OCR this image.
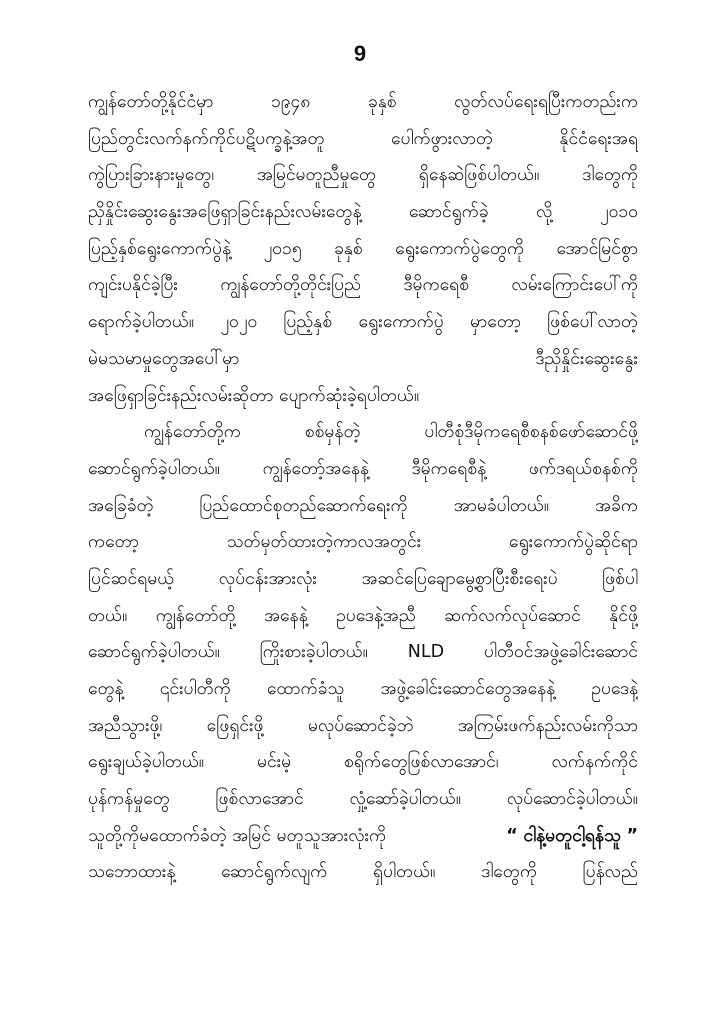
9

ကျွန်တော်တို့နိုင်ငံမှာ ၁၉၄၈ ခုနှစ် လွတ်လပ်ရေးရပြီးကတည်းက
ပြည်တွင်းလက်နက်ကိုင်ပဋိပက္ခနဲ့အတူ ပေါက်ဖွားလာတဲ့ နိုင်ငံရေးအရ
ကွဲပြားခြားနားမှုတွေ၊ အမြင်မတူညီမှုတွေ ရှိနေဆဲဖြစ်ပါတယ်။ ဒါတွေကို
ညှိနှိုင်းဆွေးနွေးအဖြေရှာခြင်းနည်းလမ်းတွေနဲ့ ဆောင်ရွက်ခဲ့ လို့ ၂၀၁၀
ပြည့်နှစ်ရွေးကောက်ပွဲနဲ့ ၂၀၁၅ ခုနှစ် ရွေးကောက်ပွဲတွေကို အောင်မြင်စွာ
ကျင်းပနိုင်ခဲ့ပြီး ကျွန်တော်တို့တိုင်းပြည် ဒီမိုကရေစီ လမ်းကြောင်းပေါ်ကို
ရောက်ခဲ့ပါတယ်။ ၂၀၂၀ ပြည့်နှစ် ရွေးကောက်ပွဲ မှာတော့ ဖြစ်ပေါ်လာတဲ့
မဲမသမာမှုတွေအပေါ်မှာ	ဒီညှိနှိုင်းဆွေးနွေး
အဖြေရှာခြင်းနည်းလမ်းဆိုတာ ပျောက်ဆုံးခဲ့ရပါတယ်။
ကျွန်တော်တို့က စစ်မှန်တဲ့ ပါတီစုံဒီမိုကရေစီစနစ်ဖော်ဆောင်ဖို့
ဆောင်ရွက်ခဲ့ပါတယ်။ ကျွန်တော့်အနေနဲ့ ဒီမိုကရေစီနဲ့ ဖက်ဒရယ်စနစ်ကို
အခြေခံတဲ့ ပြည်ထောင်စုတည်ဆောက်ရေးကို အာမခံပါတယ်။ အခိက
ကတော့ သတ်မှတ်ထားတဲ့ကာလအတွင်း ရွေးကောက်ပွဲဆိုင်ရာ
ပြင်ဆင်ရမယ့် လုပ်ငန်းအားလုံး အဆင်ပြေချောမွေ့စွာပြီးစီးရေးပဲ ဖြစ်ပါ
တယ်။ ကျွန်တော်တို့ အနေနဲ့ ဥပဒေနဲ့အညီ ဆက်လက်လုပ်ဆောင် နိုင်ဖို့
ဆောင်ရွက်ခဲ့ပါတယ်။ ကြိုးစားခဲ့ပါတယ်။ NLD ပါတီဝင်အဖွဲ့ခေါင်းဆောင်
တွေနဲ့ ၎င်းပါတီကို ထောက်ခံသူ အဖွဲ့ခေါင်းဆောင်တွေအနေနဲ့ ဥပဒေနဲ့
အညီသွားဖို့၊ ဖြေရှင်းဖို့ မလုပ်ဆောင်ခဲ့ဘဲ အကြမ်းဖက်နည်းလမ်းကိုသာ
ရွေးချယ်ခဲ့ပါတယ်။ မင်းမဲ့ စရိုက်တွေဖြစ်လာအောင်၊ လက်နက်ကိုင်
ပုန်ကန်မှုတွေ ဖြစ်လာအောင် လှုံ့ဆော်ခဲ့ပါတယ်။ လုပ်ဆောင်ခဲ့ပါတယ်။
သူတို့ကိုမထောက်ခံတဲ့ အမြင် မတူသူအားလုံးကို	“ ငါနဲ့မတူငါ့ရန်သူ ”
သဘောထားနဲ့ ဆောင်ရွက်လျက် ရှိပါတယ်။ ဒါတွေကို ပြန်လည်
